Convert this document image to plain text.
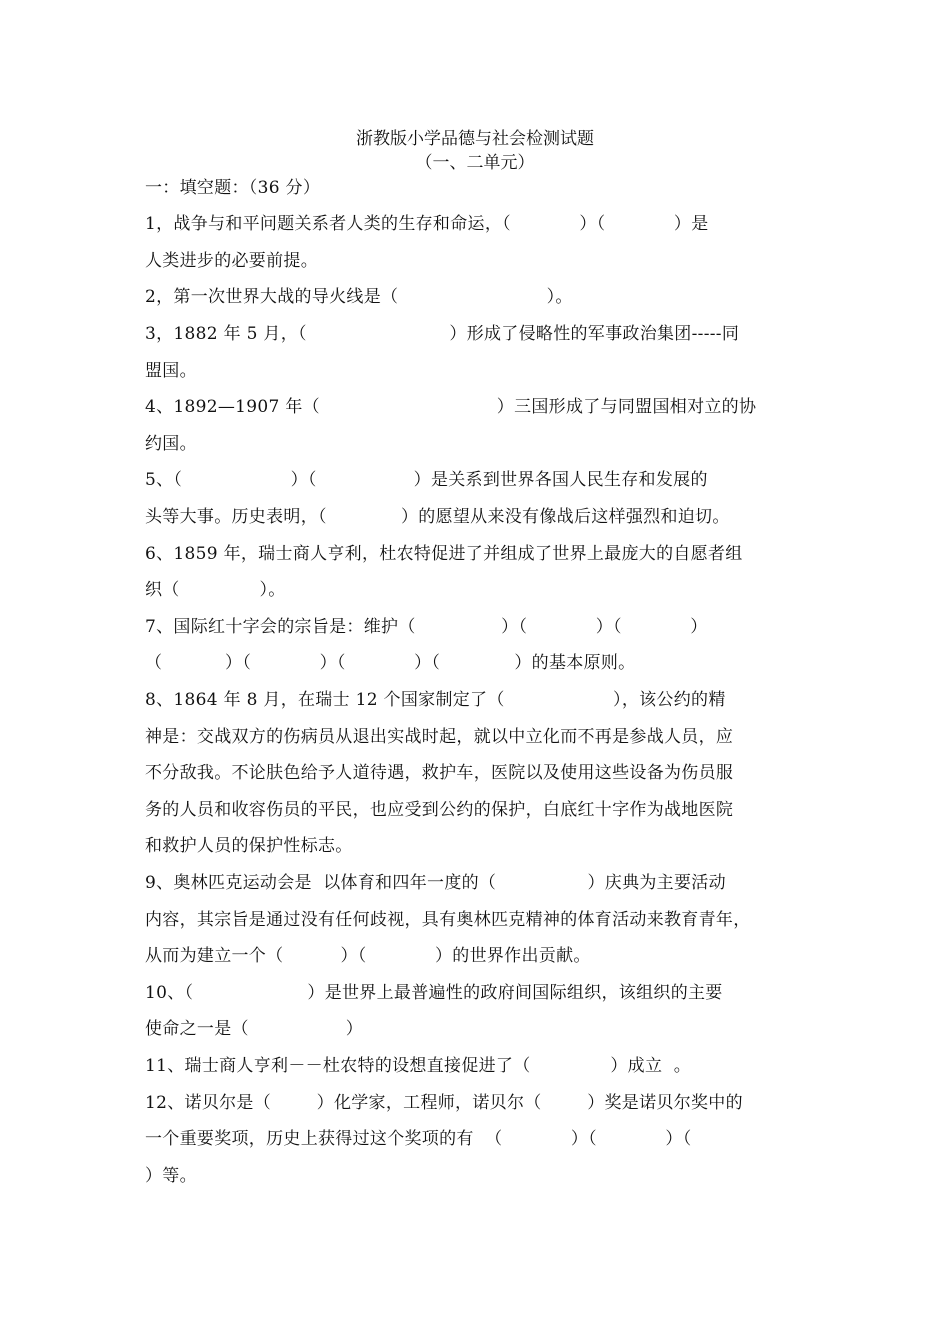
浙教版小学品德与社会检测试题
（一、二单元）
一：填空题：（36 分）
1，战争与和平问题关系者人类的生存和命运，（            ）（            ）是
人类进步的必要前提。
2，第一次世界大战的导火线是（                          ）。
3，1882 年 5 月，（                         ）形成了侵略性的军事政治集团-----同
盟国。
4、1892—1907 年（                               ）三国形成了与同盟国相对立的协
约国。
5、（                   ）（                 ）是关系到世界各国人民生存和发展的
头等大事。历史表明，（             ）的愿望从来没有像战后这样强烈和迫切。
6、1859 年，瑞士商人亨利，杜农特促进了并组成了世界上最庞大的自愿者组
织（              ）。
7、国际红十字会的宗旨是：维护（               ）（            ）（            ）
（           ）（            ）（            ）（             ）的基本原则。
8、1864 年 8 月，在瑞士 12 个国家制定了（                   ），该公约的精
神是：交战双方的伤病员从退出实战时起，就以中立化而不再是参战人员，应
不分敌我。不论肤色给予人道待遇，救护车，医院以及使用这些设备为伤员服
务的人员和收容伤员的平民，也应受到公约的保护，白底红十字作为战地医院
和救护人员的保护性标志。
9、奥林匹克运动会是  以体育和四年一度的（                ）庆典为主要活动
内容，其宗旨是通过没有任何歧视，具有奥林匹克精神的体育活动来教育青年，
从而为建立一个（          ）（            ）的世界作出贡献。
10、（                    ）是世界上最普遍性的政府间国际组织，该组织的主要
使命之一是（                 ）
11、瑞士商人亨利－－杜农特的设想直接促进了（              ）成立  。
12、诺贝尔是（        ）化学家，工程师，诺贝尔（        ）奖是诺贝尔奖中的
一个重要奖项，历史上获得过这个奖项的有  （            ）（            ）（
）等。
